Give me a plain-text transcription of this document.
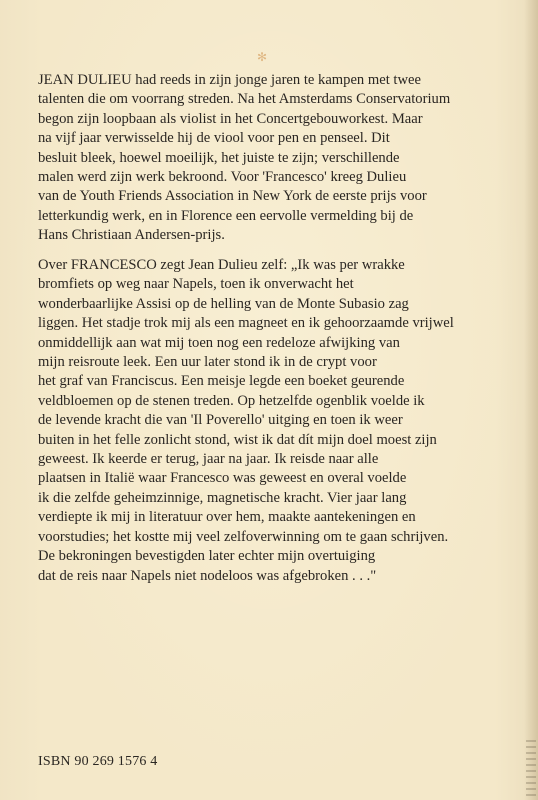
✻
JEAN DULIEU had reeds in zijn jonge jaren te kampen met twee
talenten die om voorrang streden. Na het Amsterdams Conservatorium
begon zijn loopbaan als violist in het Concertgebouworkest. Maar
na vijf jaar verwisselde hij de viool voor pen en penseel. Dit
besluit bleek, hoewel moeilijk, het juiste te zijn; verschillende
malen werd zijn werk bekroond. Voor 'Francesco' kreeg Dulieu
van de Youth Friends Association in New York de eerste prijs voor
letterkundig werk, en in Florence een eervolle vermelding bij de
Hans Christiaan Andersen-prijs.
Over FRANCESCO zegt Jean Dulieu zelf: „Ik was per wrakke
bromfiets op weg naar Napels, toen ik onverwacht het
wonderbaarlijke Assisi op de helling van de Monte Subasio zag
liggen. Het stadje trok mij als een magneet en ik gehoorzaamde vrijwel
onmiddellijk aan wat mij toen nog een redeloze afwijking van
mijn reisroute leek. Een uur later stond ik in de crypt voor
het graf van Franciscus. Een meisje legde een boeket geurende
veldbloemen op de stenen treden. Op hetzelfde ogenblik voelde ik
de levende kracht die van 'Il Poverello' uitging en toen ik weer
buiten in het felle zonlicht stond, wist ik dat dít mijn doel moest zijn
geweest. Ik keerde er terug, jaar na jaar. Ik reisde naar alle
plaatsen in Italië waar Francesco was geweest en overal voelde
ik die zelfde geheimzinnige, magnetische kracht. Vier jaar lang
verdiepte ik mij in literatuur over hem, maakte aantekeningen en
voorstudies; het kostte mij veel zelfoverwinning om te gaan schrijven.
De bekroningen bevestigden later echter mijn overtuiging
dat de reis naar Napels niet nodeloos was afgebroken . . ."
ISBN 90 269 1576 4
